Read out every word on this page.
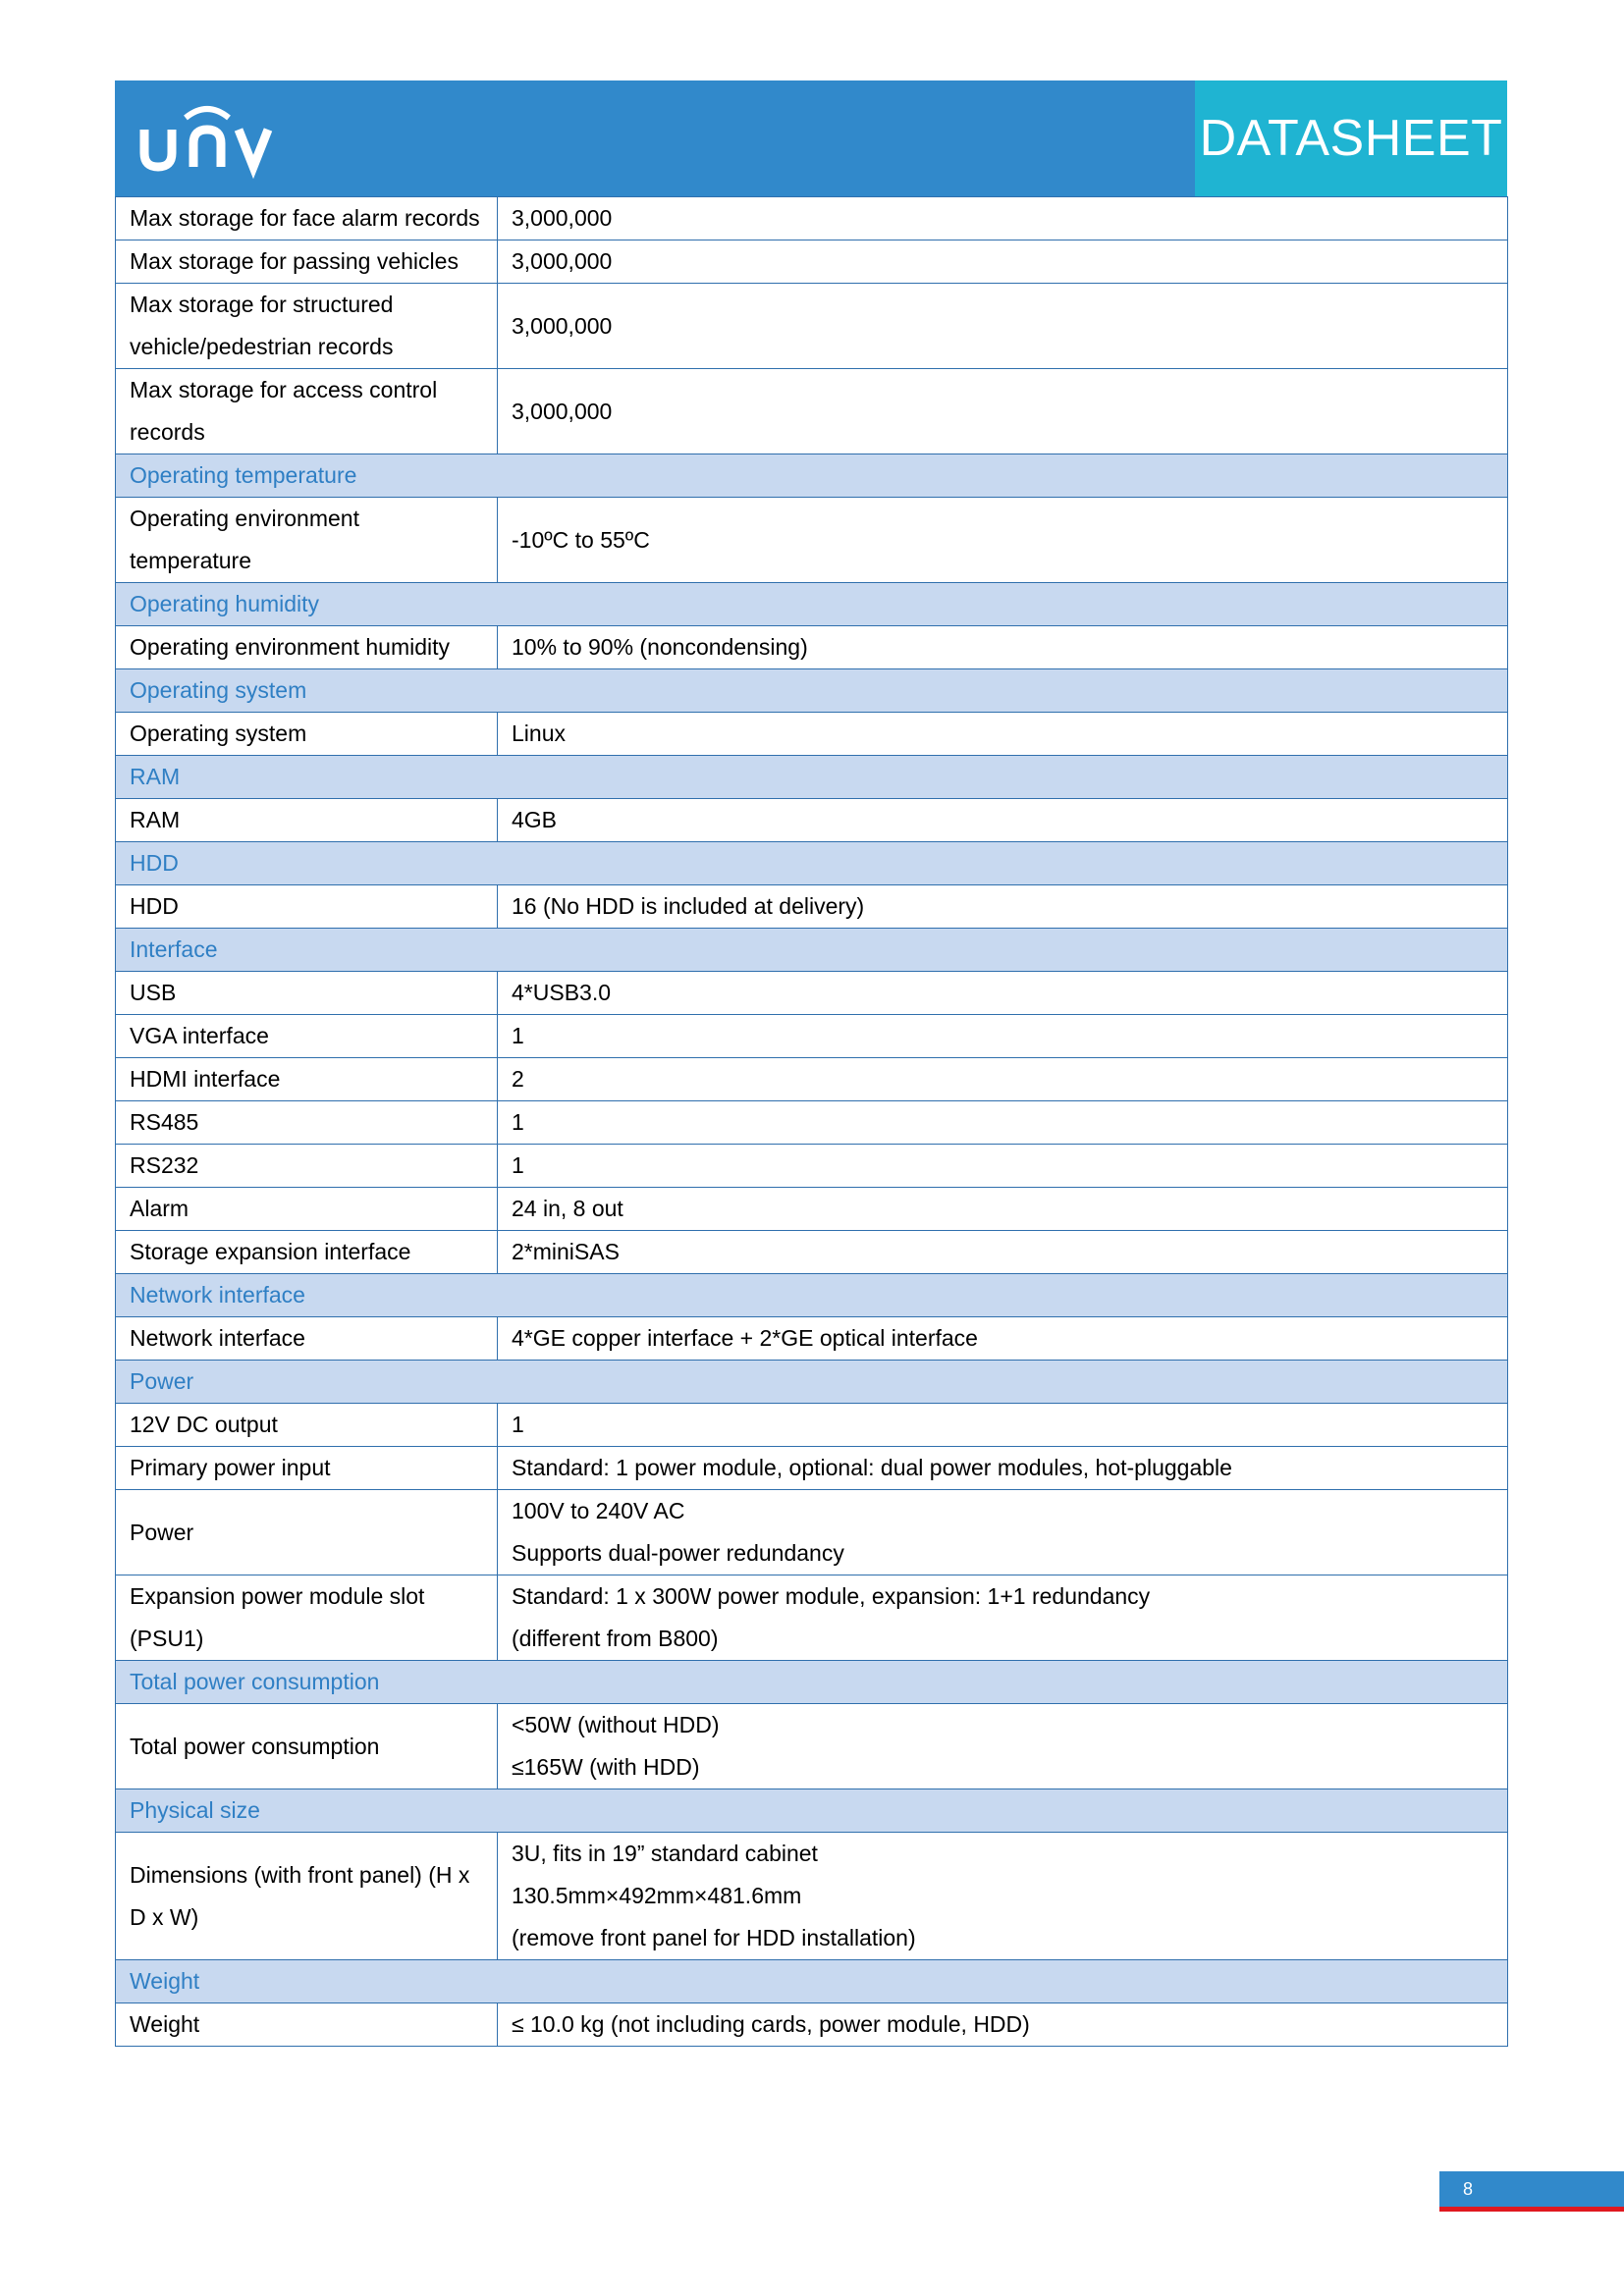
DATASHEET
Max storage for face alarm records	3,000,000

Max storage for passing vehicles	3,000,000

Max storage for structured vehicle/pedestrian records	3,000,000

Max storage for access control records	3,000,000

Operating temperature	
Operating environment temperature	-10ºC to 55ºC

Operating humidity	
Operating environment humidity	10% to 90% (noncondensing)

Operating system	
Operating system	Linux

RAM	
RAM	4GB

HDD	
HDD	16 (No HDD is included at delivery)

Interface	
USB	4*USB3.0

VGA interface	1

HDMI interface	2

RS485	1

RS232	1

Alarm	24 in, 8 out

Storage expansion interface	2*miniSAS

Network interface	
Network interface	4*GE copper interface + 2*GE optical interface

Power	
12V DC output	1

Primary power input	Standard: 1 power module, optional: dual power modules, hot-pluggable

Power	100V to 240V AC
Supports dual-power redundancy

Expansion power module slot (PSU1)	Standard: 1 x 300W power module, expansion: 1+1 redundancy
(different from B800)

Total power consumption	
Total power consumption	<50W (without HDD)
≤165W (with HDD)

Physical size	
Dimensions (with front panel) (H x D x W)	3U, fits in 19” standard cabinet
130.5mm×492mm×481.6mm
(remove front panel for HDD installation)

Weight	
Weight	≤ 10.0 kg (not including cards, power module, HDD)
8
